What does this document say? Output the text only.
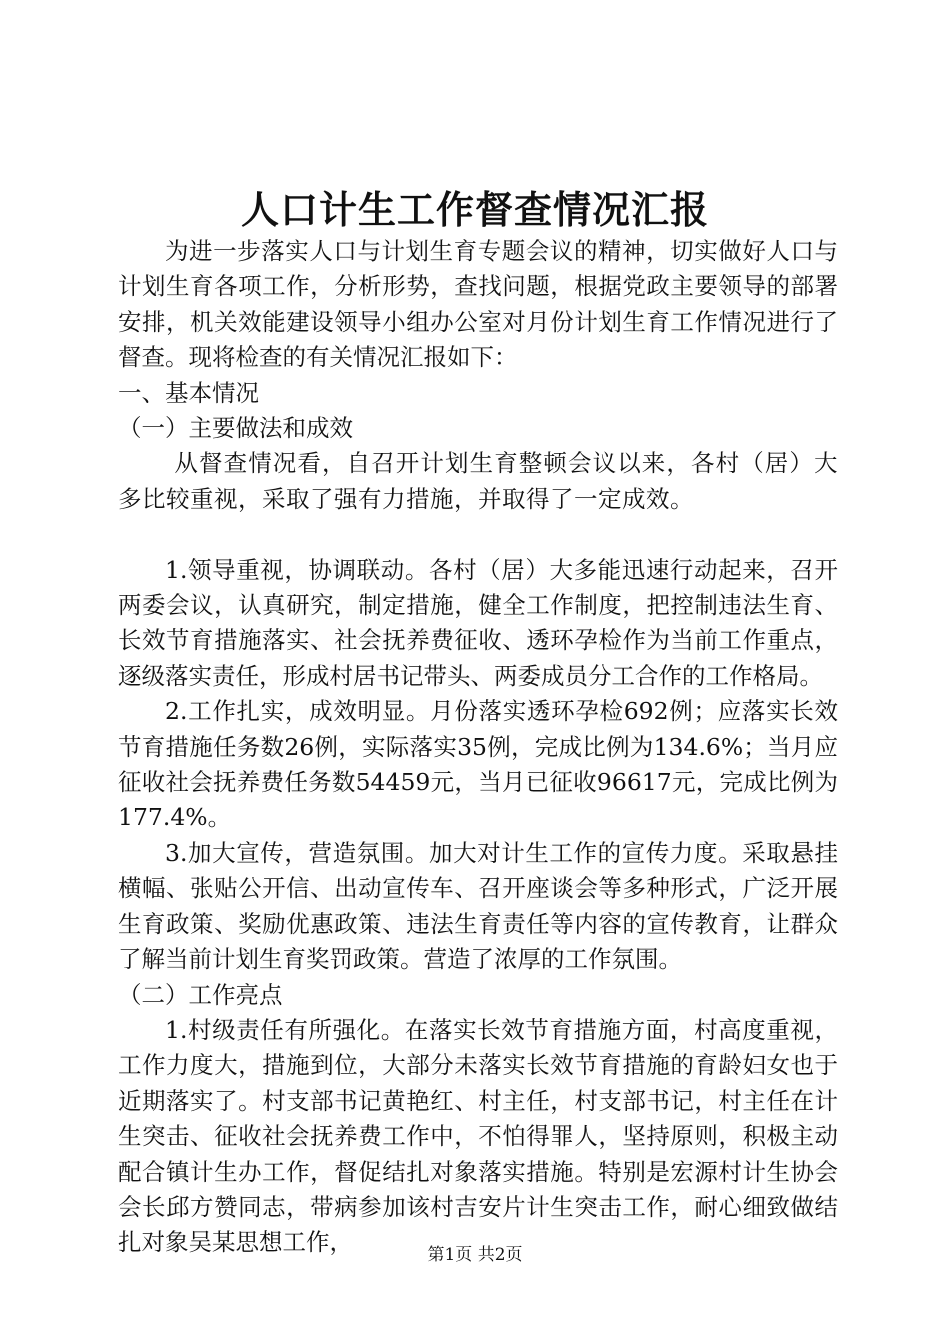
人口计生工作督查情况汇报

为进一步落实人口与计划生育专题会议的精神，切实做好人口与计划生育各项工作，分析形势，查找问题，根据党政主要领导的部署安排，机关效能建设领导小组办公室对月份计划生育工作情况进行了督查。现将检查的有关情况汇报如下：

一、基本情况

（一）主要做法和成效

从督查情况看，自召开计划生育整顿会议以来，各村（居）大多比较重视，采取了强有力措施，并取得了一定成效。

1.领导重视，协调联动。各村（居）大多能迅速行动起来，召开两委会议，认真研究，制定措施，健全工作制度，把控制违法生育、长效节育措施落实、社会抚养费征收、透环孕检作为当前工作重点，逐级落实责任，形成村居书记带头、两委成员分工合作的工作格局。

2.工作扎实，成效明显。月份落实透环孕检692例；应落实长效节育措施任务数26例，实际落实35例，完成比例为134.6%；当月应征收社会抚养费任务数54459元，当月已征收96617元，完成比例为177.4%。

3.加大宣传，营造氛围。加大对计生工作的宣传力度。采取悬挂横幅、张贴公开信、出动宣传车、召开座谈会等多种形式，广泛开展生育政策、奖励优惠政策、违法生育责任等内容的宣传教育，让群众了解当前计划生育奖罚政策。营造了浓厚的工作氛围。

（二）工作亮点

1.村级责任有所强化。在落实长效节育措施方面，村高度重视，工作力度大，措施到位，大部分未落实长效节育措施的育龄妇女也于近期落实了。村支部书记黄艳红、村主任，村支部书记，村主任在计生突击、征收社会抚养费工作中，不怕得罪人，坚持原则，积极主动配合镇计生办工作，督促结扎对象落实措施。特别是宏源村计生协会会长邱方赞同志，带病参加该村吉安片计生突击工作，耐心细致做结扎对象吴某思想工作，	第1页 共2页
